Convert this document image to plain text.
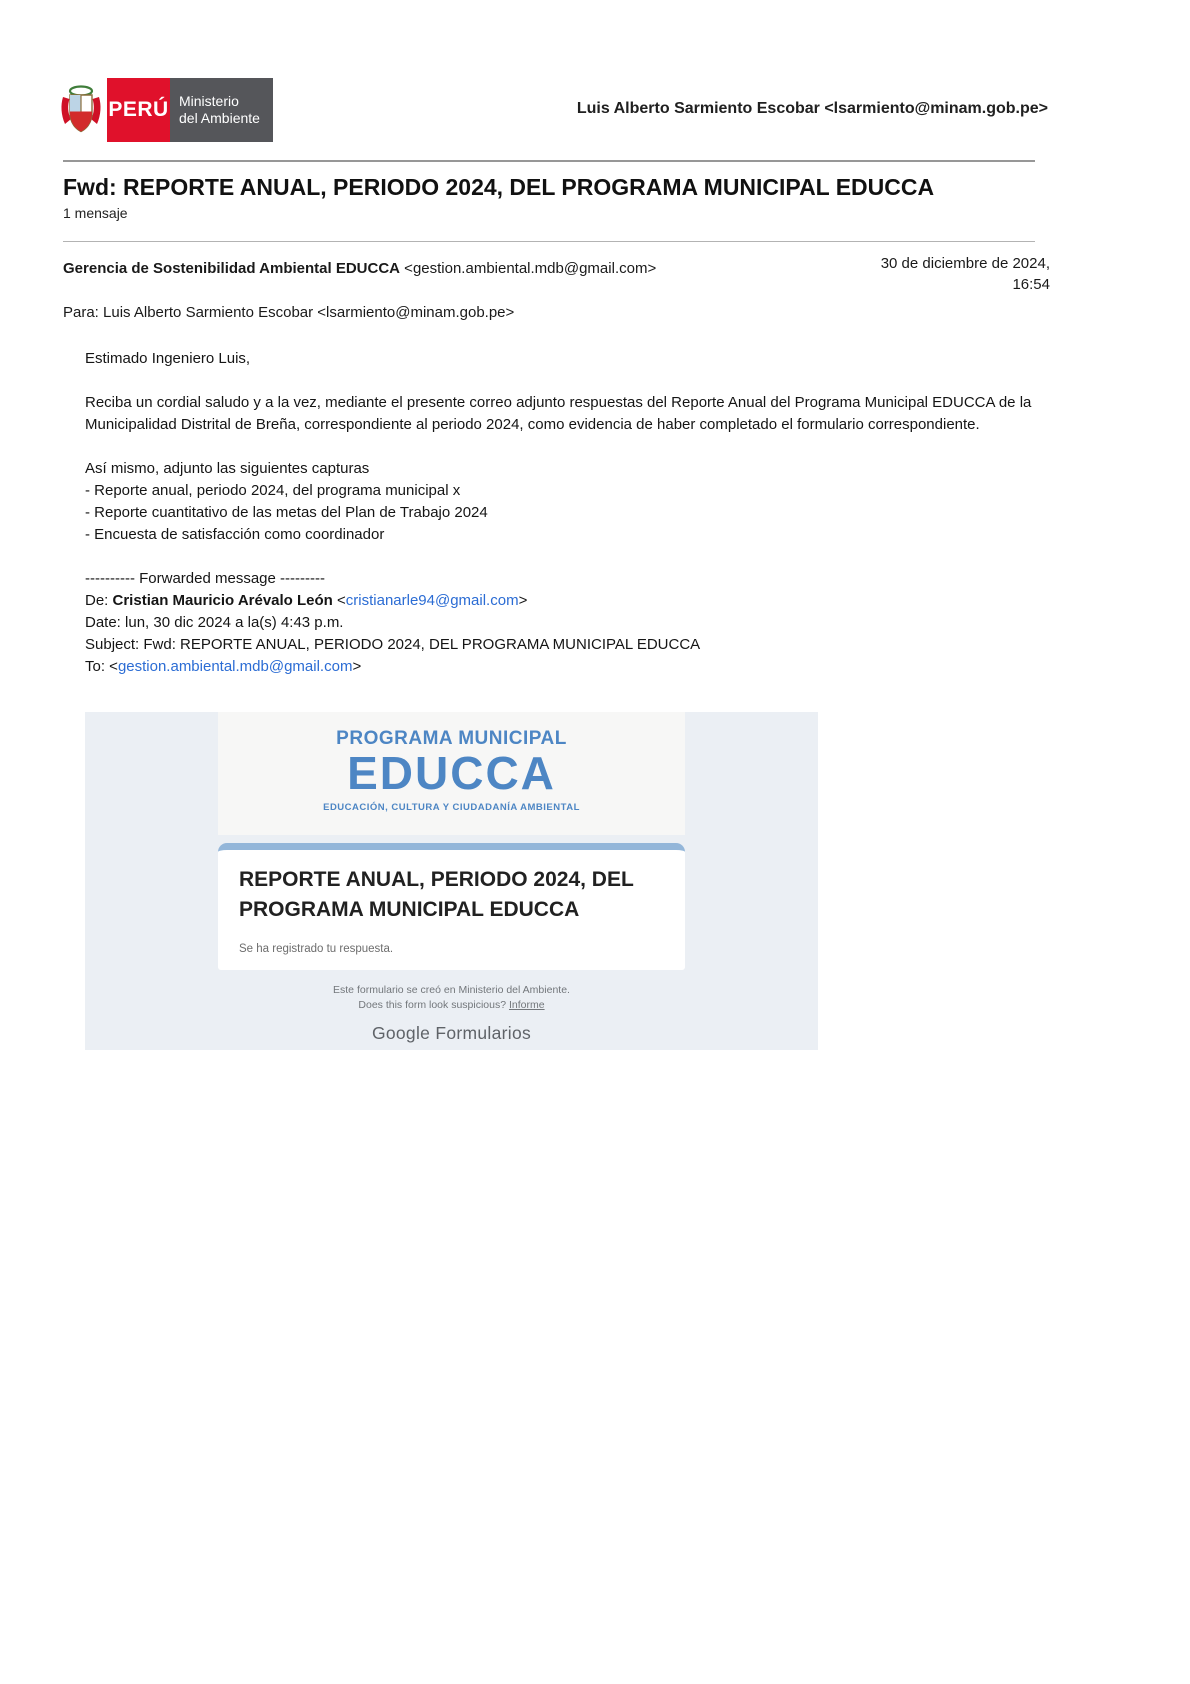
PERÚ Ministerio
del Ambiente
Luis Alberto Sarmiento Escobar <lsarmiento@minam.gob.pe>
Fwd: REPORTE ANUAL, PERIODO 2024, DEL PROGRAMA MUNICIPAL EDUCCA
1 mensaje
Gerencia de Sostenibilidad Ambiental EDUCCA <gestion.ambiental.mdb@gmail.com>	30 de diciembre de 2024,
16:54
Para: Luis Alberto Sarmiento Escobar <lsarmiento@minam.gob.pe>
Estimado Ingeniero Luis,
Reciba un cordial saludo y a la vez, mediante el presente correo adjunto respuestas del Reporte Anual del Programa Municipal EDUCCA de la Municipalidad Distrital de Breña, correspondiente al periodo 2024, como evidencia de haber completado el formulario correspondiente.
Así mismo, adjunto las siguientes capturas
- Reporte anual, periodo 2024, del programa municipal x
- Reporte cuantitativo de las metas del Plan de Trabajo 2024
- Encuesta de satisfacción como coordinador
---------- Forwarded message ---------
De: Cristian Mauricio Arévalo León <cristianarle94@gmail.com>
Date: lun, 30 dic 2024 a la(s) 4:43 p.m.
Subject: Fwd: REPORTE ANUAL, PERIODO 2024, DEL PROGRAMA MUNICIPAL EDUCCA
To: <gestion.ambiental.mdb@gmail.com>
PROGRAMA MUNICIPAL
EDUCCA
EDUCACIÓN, CULTURA Y CIUDADANÍA AMBIENTAL
REPORTE ANUAL, PERIODO 2024, DEL PROGRAMA MUNICIPAL EDUCCA
Se ha registrado tu respuesta.
Este formulario se creó en Ministerio del Ambiente.
Does this form look suspicious? Informe
Google Formularios
